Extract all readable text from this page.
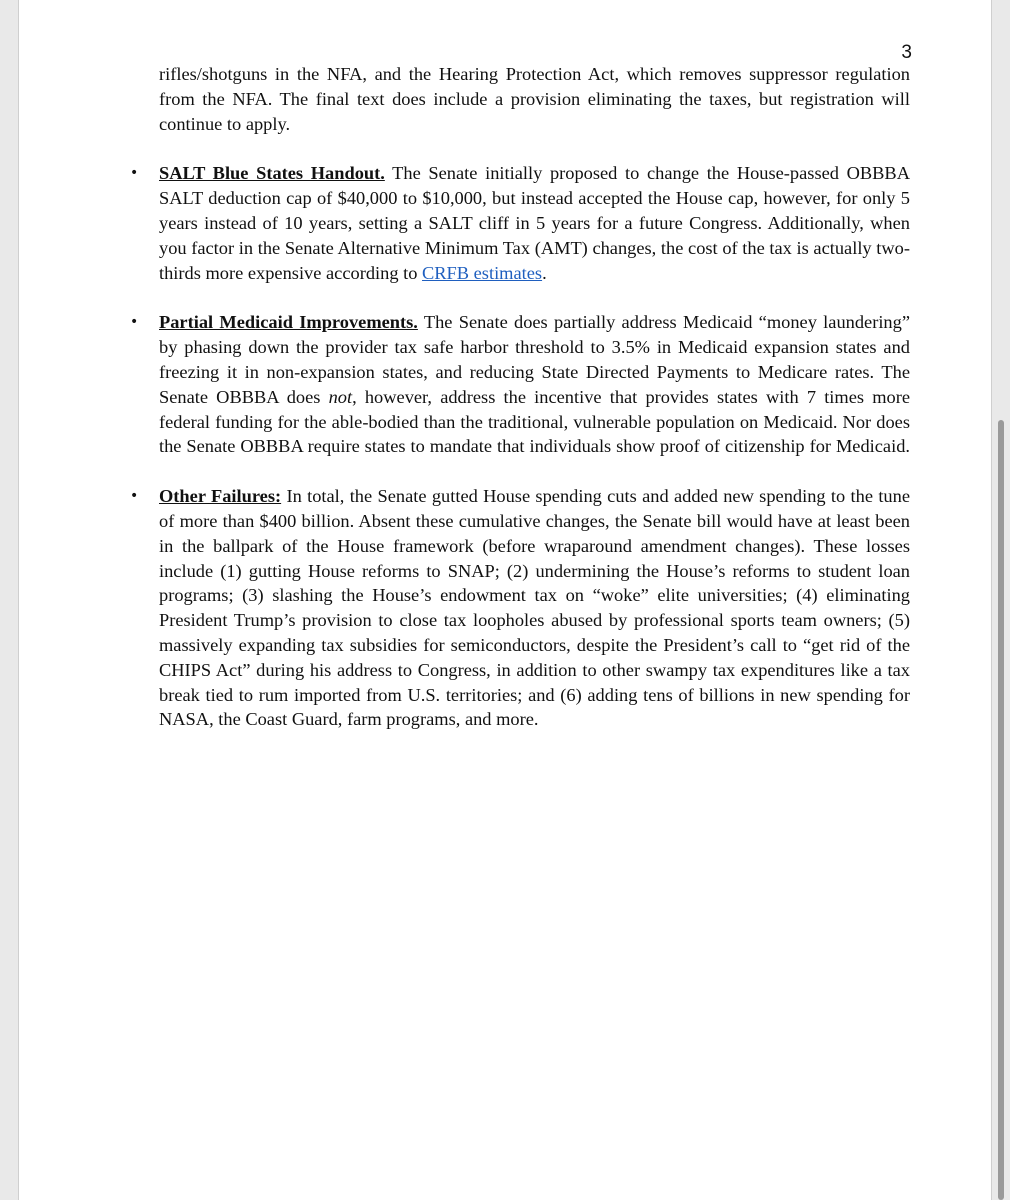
3

rifles/shotguns in the NFA, and the Hearing Protection Act, which removes suppressor regulation from the NFA. The final text does include a provision eliminating the taxes, but registration will continue to apply.

• SALT Blue States Handout. The Senate initially proposed to change the House-passed OBBBA SALT deduction cap of $40,000 to $10,000, but instead accepted the House cap, however, for only 5 years instead of 10 years, setting a SALT cliff in 5 years for a future Congress. Additionally, when you factor in the Senate Alternative Minimum Tax (AMT) changes, the cost of the tax is actually two-thirds more expensive according to CRFB estimates.

• Partial Medicaid Improvements. The Senate does partially address Medicaid “money laundering” by phasing down the provider tax safe harbor threshold to 3.5% in Medicaid expansion states and freezing it in non-expansion states, and reducing State Directed Payments to Medicare rates. The Senate OBBBA does not, however, address the incentive that provides states with 7 times more federal funding for the able-bodied than the traditional, vulnerable population on Medicaid. Nor does the Senate OBBBA require states to mandate that individuals show proof of citizenship for Medicaid.

• Other Failures: In total, the Senate gutted House spending cuts and added new spending to the tune of more than $400 billion. Absent these cumulative changes, the Senate bill would have at least been in the ballpark of the House framework (before wraparound amendment changes). These losses include (1) gutting House reforms to SNAP; (2) undermining the House’s reforms to student loan programs; (3) slashing the House’s endowment tax on “woke” elite universities; (4) eliminating President Trump’s provision to close tax loopholes abused by professional sports team owners; (5) massively expanding tax subsidies for semiconductors, despite the President’s call to “get rid of the CHIPS Act” during his address to Congress, in addition to other swampy tax expenditures like a tax break tied to rum imported from U.S. territories; and (6) adding tens of billions in new spending for NASA, the Coast Guard, farm programs, and more.
